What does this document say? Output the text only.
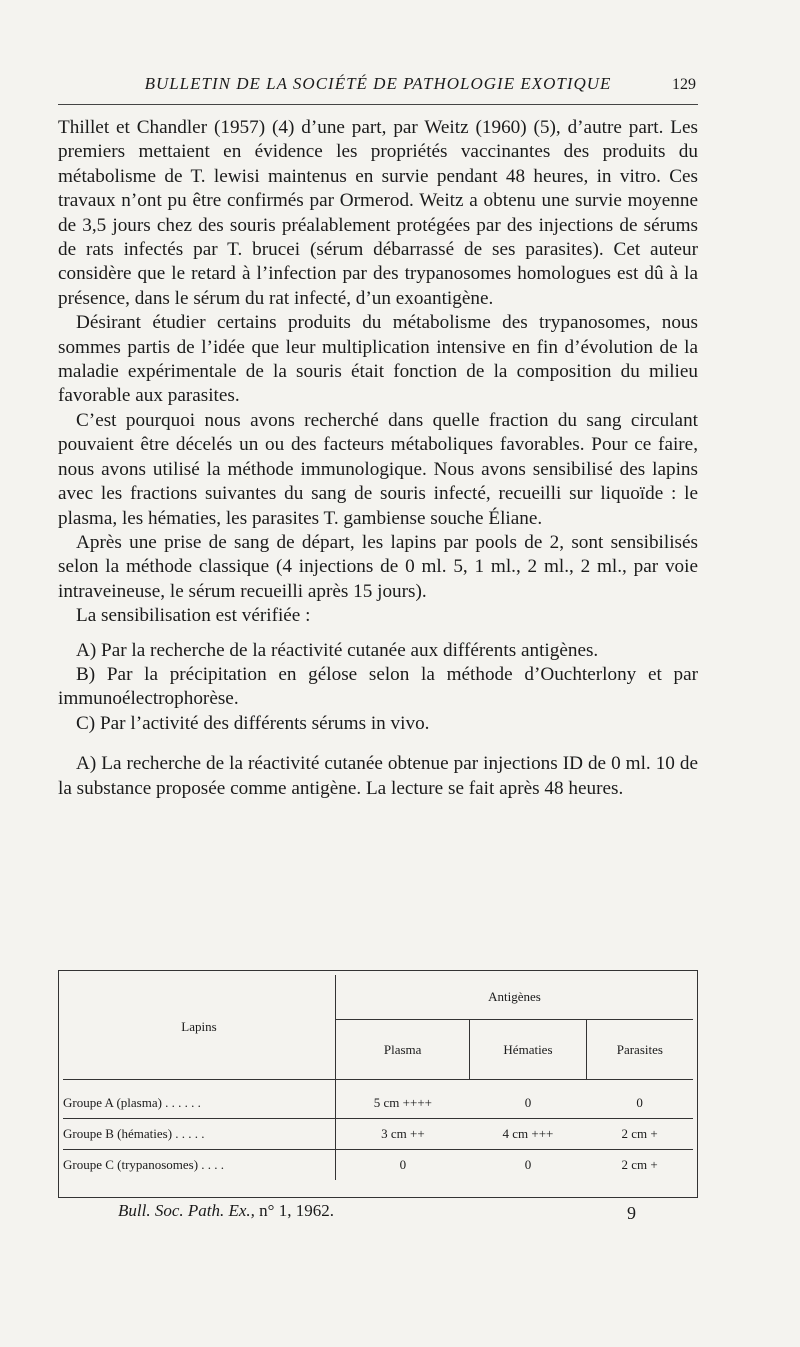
BULLETIN DE LA SOCIÉTÉ DE PATHOLOGIE EXOTIQUE	129

Thillet et Chandler (1957) (4) d’une part, par Weitz (1960) (5), d’autre part. Les premiers mettaient en évidence les propriétés vaccinantes des produits du métabolisme de T. lewisi maintenus en survie pendant 48 heures, in vitro. Ces travaux n’ont pu être confirmés par Ormerod. Weitz a obtenu une survie moyenne de 3,5 jours chez des souris préalablement protégées par des injections de sérums de rats infectés par T. brucei (sérum débarrassé de ses parasites). Cet auteur considère que le retard à l’infection par des trypanosomes homologues est dû à la présence, dans le sérum du rat infecté, d’un exoantigène.

Désirant étudier certains produits du métabolisme des trypanosomes, nous sommes partis de l’idée que leur multiplication intensive en fin d’évolution de la maladie expérimentale de la souris était fonction de la composition du milieu favorable aux parasites.

C’est pourquoi nous avons recherché dans quelle fraction du sang circulant pouvaient être décelés un ou des facteurs métaboliques favorables. Pour ce faire, nous avons utilisé la méthode immunologique. Nous avons sensibilisé des lapins avec les fractions suivantes du sang de souris infecté, recueilli sur liquoïde : le plasma, les hématies, les parasites T. gambiense souche Éliane.

Après une prise de sang de départ, les lapins par pools de 2, sont sensibilisés selon la méthode classique (4 injections de 0 ml. 5, 1 ml., 2 ml., 2 ml., par voie intraveineuse, le sérum recueilli après 15 jours).

La sensibilisation est vérifiée :

A) Par la recherche de la réactivité cutanée aux différents antigènes.

B) Par la précipitation en gélose selon la méthode d’Ouchterlony et par immunoélectrophorèse.

C) Par l’activité des différents sérums in vivo.

A) La recherche de la réactivité cutanée obtenue par injections ID de 0 ml. 10 de la substance proposée comme antigène. La lecture se fait après 48 heures.

Lapins	Antigènes		
	Plasma	Hématies	Parasites
Groupe A (plasma) . . . . . .	5 cm ++++	0	0
Groupe B (hématies) . . . . .	3 cm ++	4 cm +++	2 cm +
Groupe C (trypanosomes) . . . .	0	0	2 cm +
Bull. Soc. Path. Ex., n° 1, 1962.	9
